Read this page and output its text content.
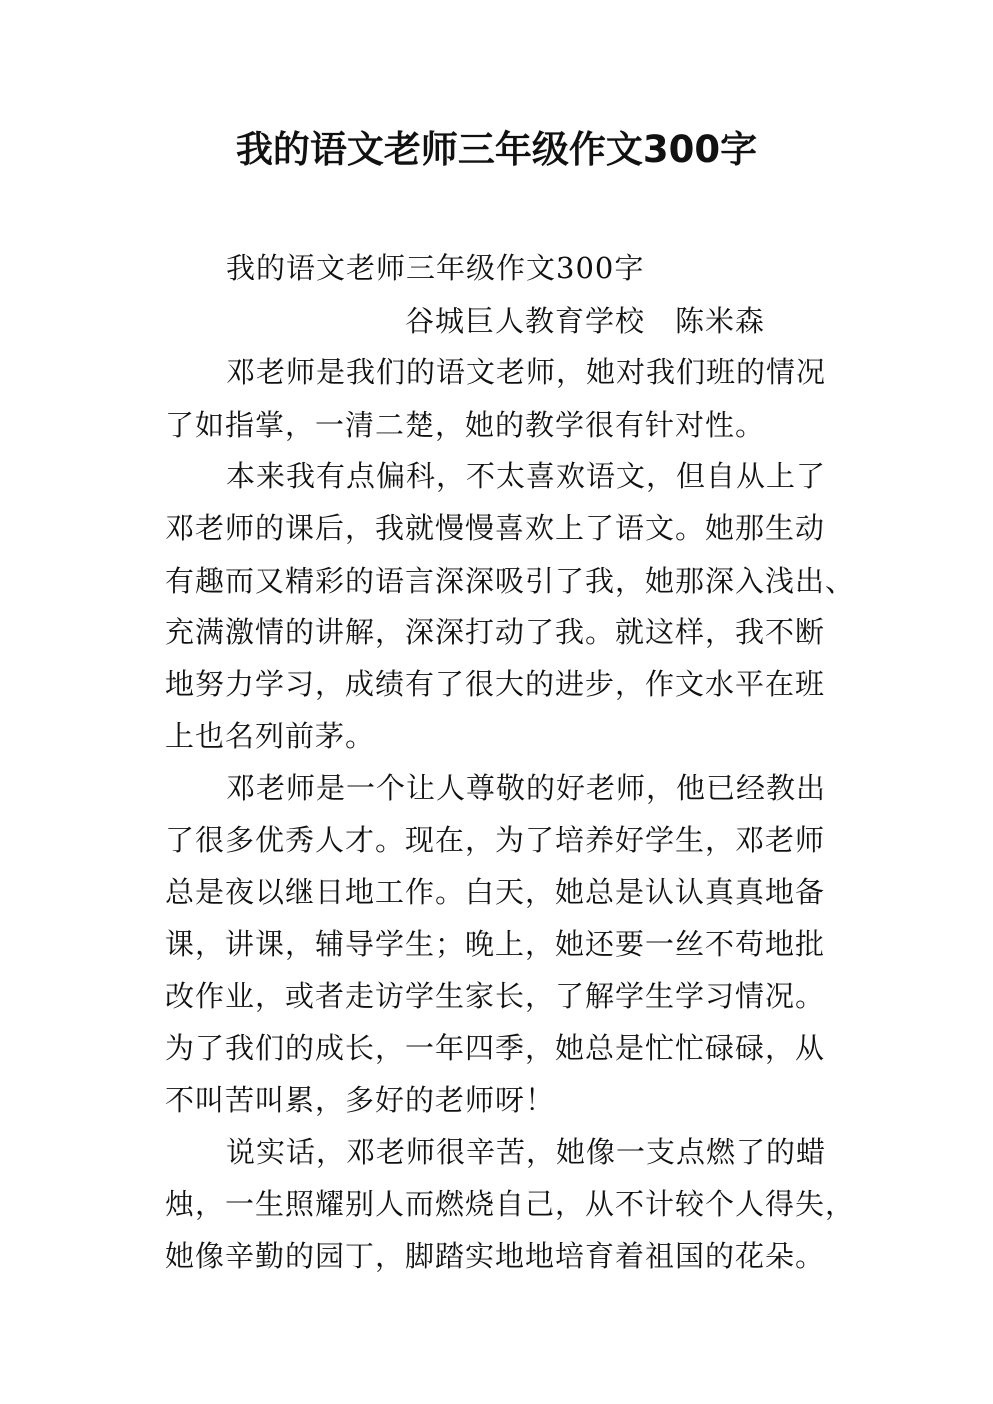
我的语文老师三年级作文300字
我的语文老师三年级作文300字
谷城巨人教育学校　陈米森
邓老师是我们的语文老师，她对我们班的情况
了如指掌，一清二楚，她的教学很有针对性。
本来我有点偏科，不太喜欢语文，但自从上了
邓老师的课后，我就慢慢喜欢上了语文。她那生动
有趣而又精彩的语言深深吸引了我，她那深入浅出、
充满激情的讲解，深深打动了我。就这样，我不断
地努力学习，成绩有了很大的进步，作文水平在班
上也名列前茅。
邓老师是一个让人尊敬的好老师，他已经教出
了很多优秀人才。现在，为了培养好学生，邓老师
总是夜以继日地工作。白天，她总是认认真真地备
课，讲课，辅导学生；晚上，她还要一丝不苟地批
改作业，或者走访学生家长，了解学生学习情况。
为了我们的成长，一年四季，她总是忙忙碌碌，从
不叫苦叫累，多好的老师呀！
说实话，邓老师很辛苦，她像一支点燃了的蜡
烛，一生照耀别人而燃烧自己，从不计较个人得失，
她像辛勤的园丁，脚踏实地地培育着祖国的花朵。
